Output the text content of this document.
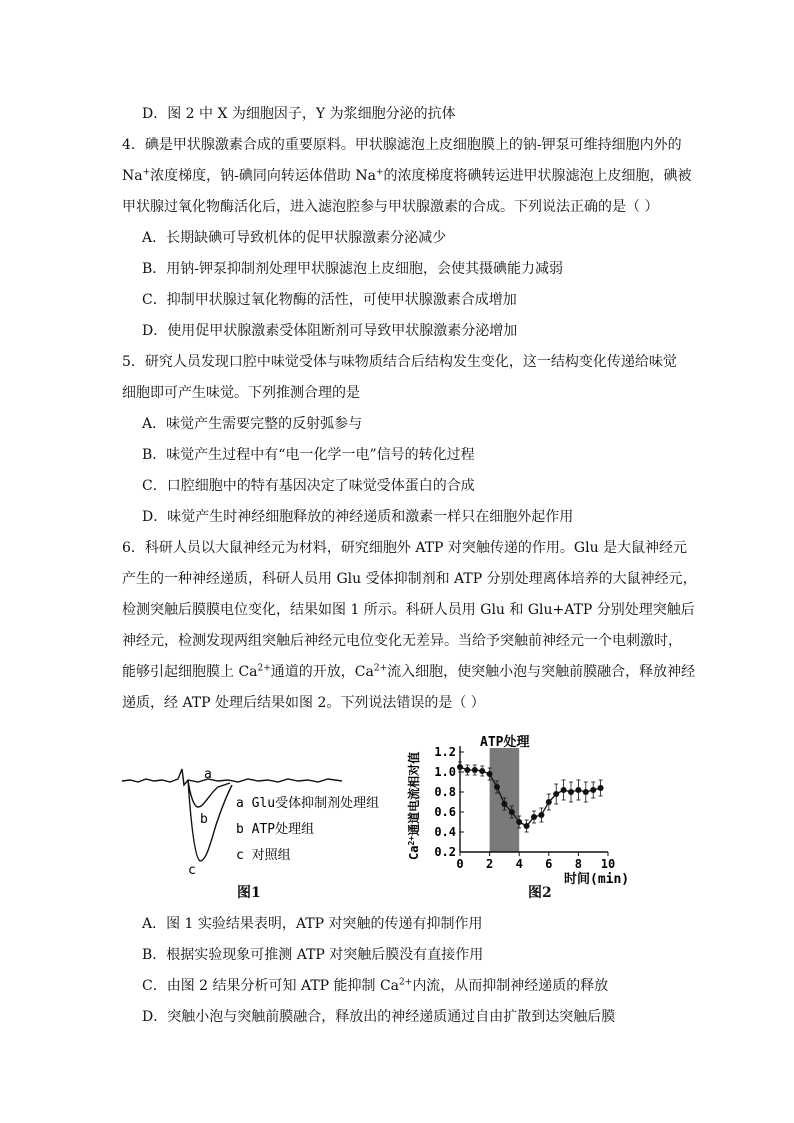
D．图 2 中 X 为细胞因子，Y 为浆细胞分泌的抗体
4．碘是甲状腺激素合成的重要原料。甲状腺滤泡上皮细胞膜上的钠-钾泵可维持细胞内外的
Na+浓度梯度，钠-碘同向转运体借助 Na+的浓度梯度将碘转运进甲状腺滤泡上皮细胞，碘被
甲状腺过氧化物酶活化后，进入滤泡腔参与甲状腺激素的合成。下列说法正确的是（ ）
A．长期缺碘可导致机体的促甲状腺激素分泌减少
B．用钠-钾泵抑制剂处理甲状腺滤泡上皮细胞，会使其摄碘能力减弱
C．抑制甲状腺过氧化物酶的活性，可使甲状腺激素合成增加
D．使用促甲状腺激素受体阻断剂可导致甲状腺激素分泌增加
5．研究人员发现口腔中味觉受体与味物质结合后结构发生变化，这一结构变化传递给味觉
细胞即可产生味觉。下列推测合理的是
A．味觉产生需要完整的反射弧参与
B．味觉产生过程中有“电一化学一电”信号的转化过程
C．口腔细胞中的特有基因决定了味觉受体蛋白的合成
D．味觉产生时神经细胞释放的神经递质和激素一样只在细胞外起作用
6．科研人员以大鼠神经元为材料，研究细胞外 ATP 对突触传递的作用。Glu 是大鼠神经元
产生的一种神经递质，科研人员用 Glu 受体抑制剂和 ATP 分别处理离体培养的大鼠神经元，
检测突触后膜膜电位变化，结果如图 1 所示。科研人员用 Glu 和 Glu+ATP 分别处理突触后
神经元，检测发现两组突触后神经元电位变化无差异。当给予突触前神经元一个电刺激时，
能够引起细胞膜上 $Ca^{2+}$通道的开放，$Ca^{2+}$流入细胞，使突触小泡与突触前膜融合，释放神经
递质，经 ATP 处理后结果如图 2。下列说法错误的是（ ）
a
b
c
a Glu受体抑制剂处理组
b ATP处理组
c 对照组
图1
0.2
0.4
0.6
0.8
1.0
1.2
0 2 4 6 8 10
ATP处理
时间(min)
$Ca^{2+}$通道电流相对值
图2
A．图 1 实验结果表明，ATP 对突触的传递有抑制作用
B．根据实验现象可推测 ATP 对突触后膜没有直接作用
C．由图 2 结果分析可知 ATP 能抑制 $Ca^{2+}$内流，从而抑制神经递质的释放
D．突触小泡与突触前膜融合，释放出的神经递质通过自由扩散到达突触后膜
